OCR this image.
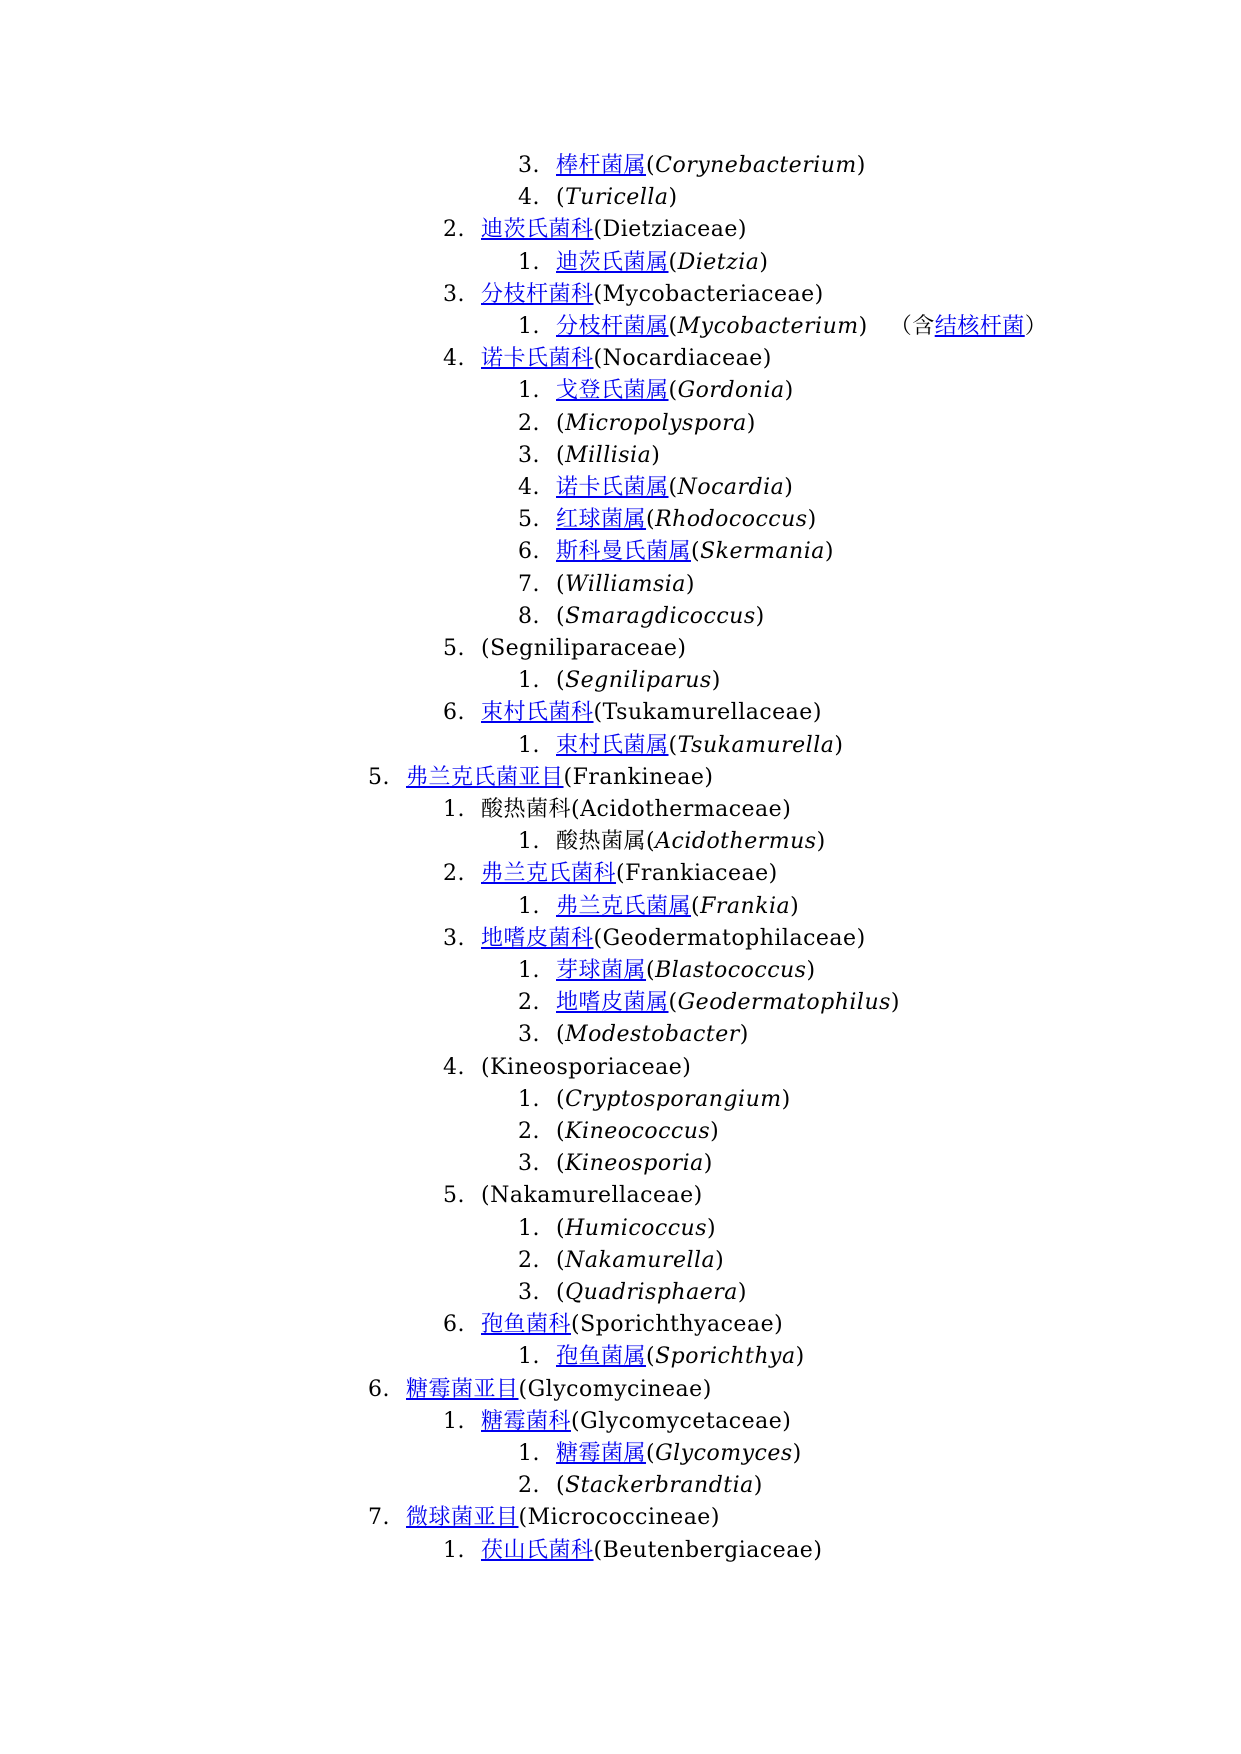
3. 棒杆菌属(Corynebacterium)
4. (Turicella)
2. 迪茨氏菌科(Dietziaceae)
1. 迪茨氏菌属(Dietzia)
3. 分枝杆菌科(Mycobacteriaceae)
1. 分枝杆菌属(Mycobacterium) （含结核杆菌）
4. 诺卡氏菌科(Nocardiaceae)
1. 戈登氏菌属(Gordonia)
2. (Micropolyspora)
3. (Millisia)
4. 诺卡氏菌属(Nocardia)
5. 红球菌属(Rhodococcus)
6. 斯科曼氏菌属(Skermania)
7. (Williamsia)
8. (Smaragdicoccus)
5. (Segniliparaceae)
1. (Segniliparus)
6. 束村氏菌科(Tsukamurellaceae)
1. 束村氏菌属(Tsukamurella)
5. 弗兰克氏菌亚目(Frankineae)
1. 酸热菌科(Acidothermaceae)
1. 酸热菌属(Acidothermus)
2. 弗兰克氏菌科(Frankiaceae)
1. 弗兰克氏菌属(Frankia)
3. 地嗜皮菌科(Geodermatophilaceae)
1. 芽球菌属(Blastococcus)
2. 地嗜皮菌属(Geodermatophilus)
3. (Modestobacter)
4. (Kineosporiaceae)
1. (Cryptosporangium)
2. (Kineococcus)
3. (Kineosporia)
5. (Nakamurellaceae)
1. (Humicoccus)
2. (Nakamurella)
3. (Quadrisphaera)
6. 孢鱼菌科(Sporichthyaceae)
1. 孢鱼菌属(Sporichthya)
6. 糖霉菌亚目(Glycomycineae)
1. 糖霉菌科(Glycomycetaceae)
1. 糖霉菌属(Glycomyces)
2. (Stackerbrandtia)
7. 微球菌亚目(Micrococcineae)
1. 茯山氏菌科(Beutenbergiaceae)
